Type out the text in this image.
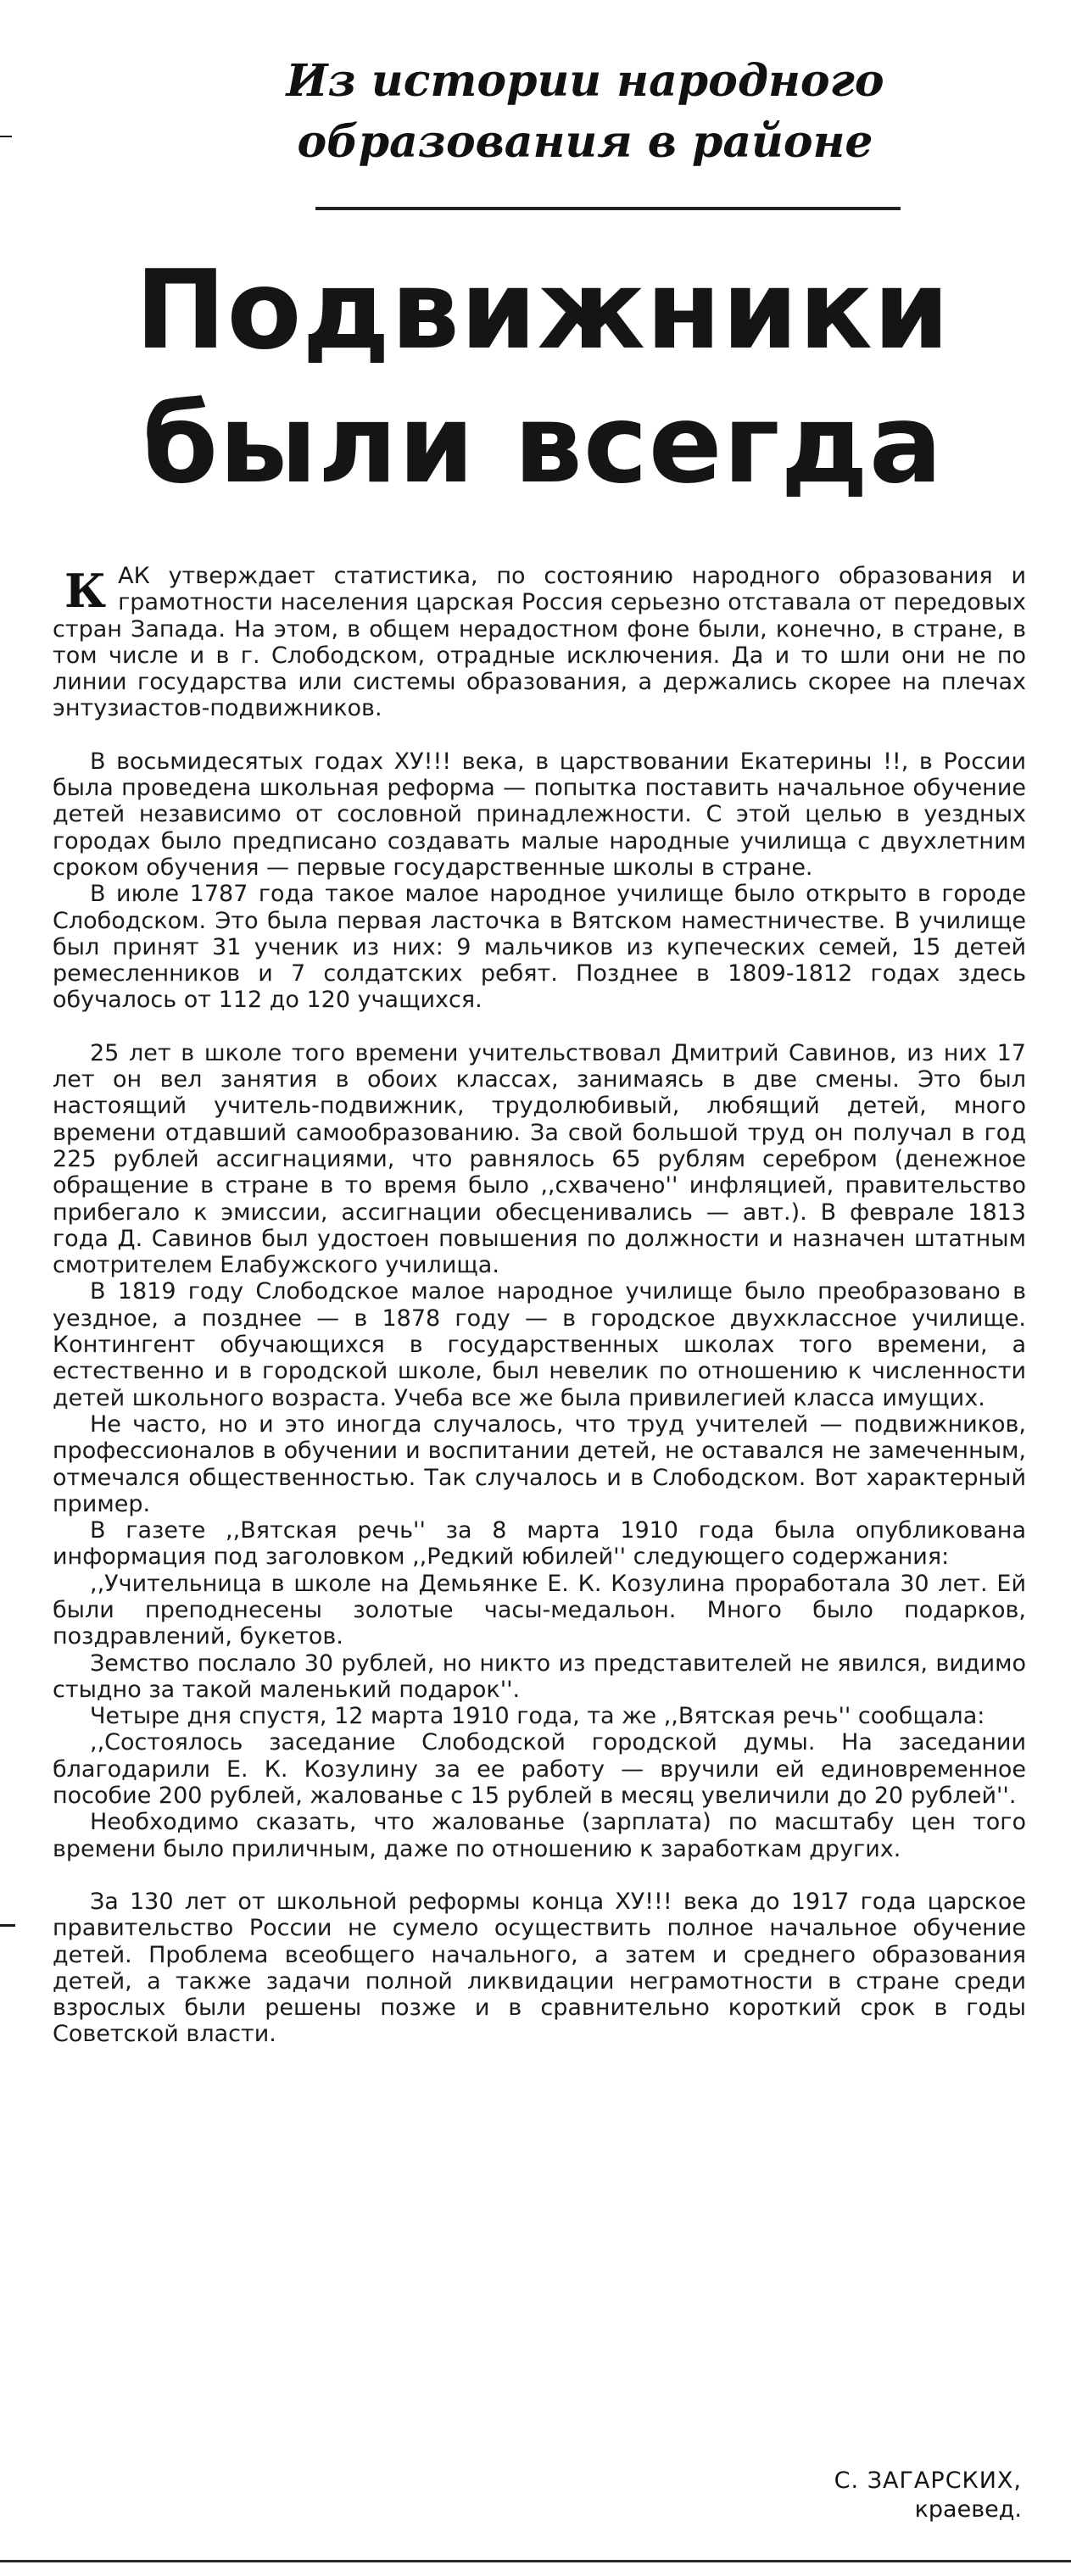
Из истории народного
образования в районе
Подвижники
были всегда

КАК утверждает статистика, по состоянию народного образования и грамотности населения царская Россия серьезно отставала от передовых стран Запада. На этом, в общем нерадостном фоне были, конечно, в стране, в том числе и в г. Слободском, отрадные исключения. Да и то шли они не по линии государства или системы образования, а держались скорее на плечах энтузиастов-подвижников.

В восьмидесятых годах ХУ!!! века, в царствовании Екатерины !!, в России была проведена школьная реформа — попытка поставить начальное обучение детей независимо от сословной принадлежности. С этой целью в уездных городах было предписано создавать малые народные училища с двухлетним сроком обучения — первые государственные школы в стране.

В июле 1787 года такое малое народное училище было открыто в городе Слободском. Это была первая ласточка в Вятском наместничестве. В училище был принят 31 ученик из них: 9 мальчиков из купеческих семей, 15 детей ремесленников и 7 солдатских ребят. Позднее в 1809-1812 годах здесь обучалось от 112 до 120 учащихся.

25 лет в школе того времени учительствовал Дмитрий Савинов, из них 17 лет он вел занятия в обоих классах, занимаясь в две смены. Это был настоящий учитель-подвижник, трудолюбивый, любящий детей, много времени отдавший самообразованию. За свой большой труд он получал в год 225 рублей ассигнациями, что равнялось 65 рублям серебром (денежное обращение в стране в то время было ,,схвачено'' инфляцией, правительство прибегало к эмиссии, ассигнации обесценивались — авт.). В феврале 1813 года Д. Савинов был удостоен повышения по должности и назначен штатным смотрителем Елабужского училища.

В 1819 году Слободское малое народное училище было преобразовано в уездное, а позднее — в 1878 году — в городское двухклассное училище. Контингент обучающихся в государственных школах того времени, а естественно и в городской школе, был невелик по отношению к численности детей школьного возраста. Учеба все же была привилегией класса имущих.

Не часто, но и это иногда случалось, что труд учителей — подвижников, профессионалов в обучении и воспитании детей, не оставался не замеченным, отмечался общественностью. Так случалось и в Слободском. Вот характерный пример.

В газете ,,Вятская речь'' за 8 марта 1910 года была опубликована информация под заголовком ,,Редкий юбилей'' следующего содержания:

,,Учительница в школе на Демьянке Е. К. Козулина проработала 30 лет. Ей были преподнесены золотые часы-медальон. Много было подарков, поздравлений, букетов.

Земство послало 30 рублей, но никто из представителей не явился, видимо стыдно за такой маленький подарок''.

Четыре дня спустя, 12 марта 1910 года, та же ,,Вятская речь'' сообщала:

,,Состоялось заседание Слободской городской думы. На заседании благодарили Е. К. Козулину за ее работу — вручили ей единовременное пособие 200 рублей, жалованье с 15 рублей в месяц увеличили до 20 рублей''.

Необходимо сказать, что жалованье (зарплата) по масштабу цен того времени было приличным, даже по отношению к заработкам других.

За 130 лет от школьной реформы конца ХУ!!! века до 1917 года царское правительство России не сумело осуществить полное начальное обучение детей. Проблема всеобщего начального, а затем и среднего образования детей, а также задачи полной ликвидации неграмотности в стране среди взрослых были решены позже и в сравнительно короткий срок в годы Советской власти.

С. ЗАГАРСКИХ,
краевед.
